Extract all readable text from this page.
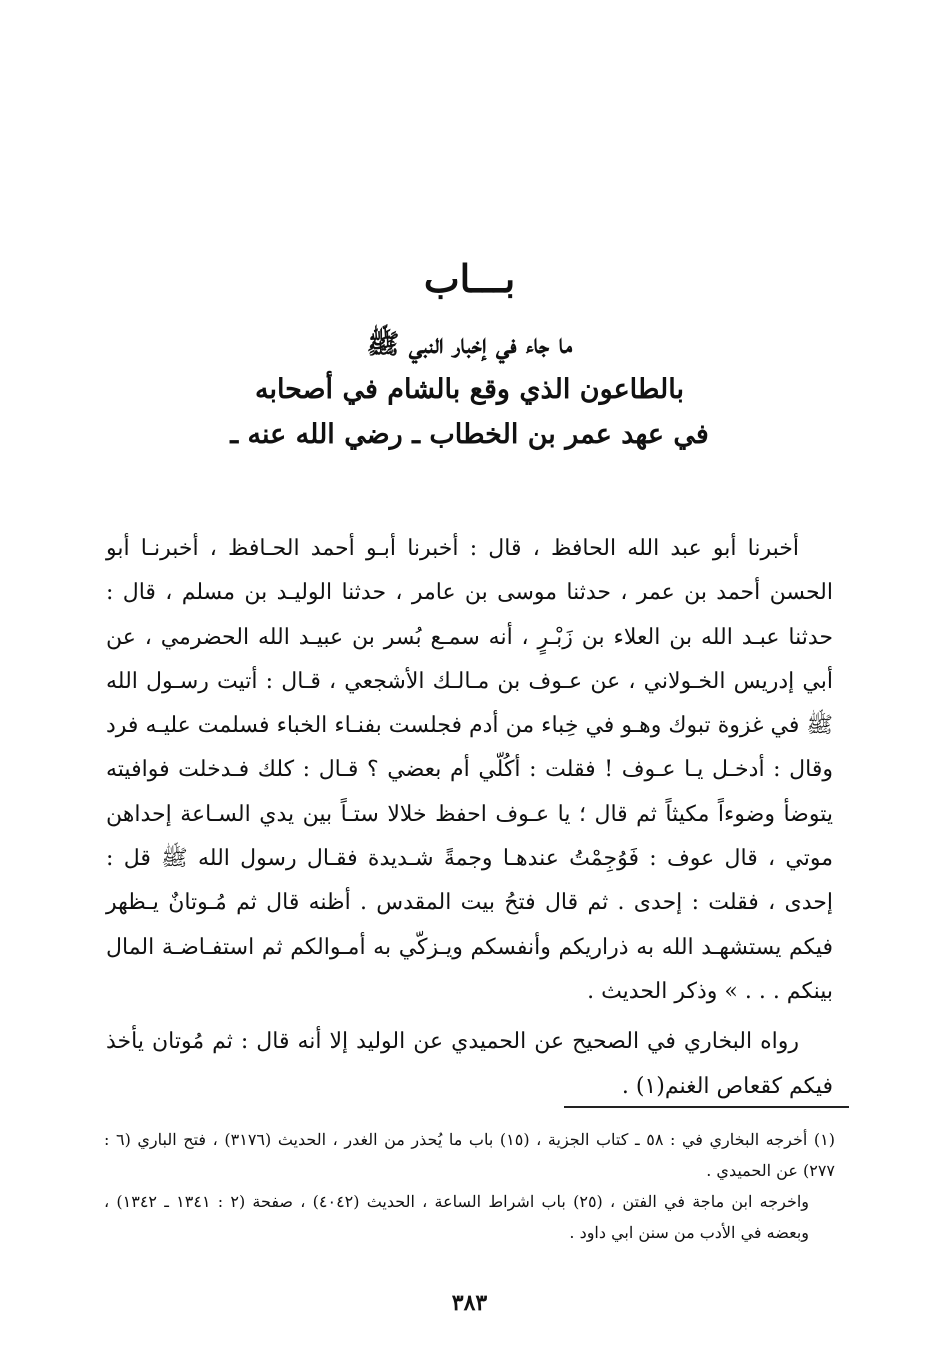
بـــاب
ما جاء في إخبار النبي ﷺ
بالطاعون الذي وقع بالشام في أصحابه
في عهد عمر بن الخطاب ـ رضي الله عنه ـ

أخبرنا أبو عبد الله الحافظ ، قال : أخبرنا أبـو أحمد الحـافظ ، أخبرنـا أبو الحسن أحمد بن عمر ، حدثنا موسى بن عامر ، حدثنا الوليـد بن مسلم ، قال : حدثنا عبـد الله بن العلاء بن زَبْـرٍ ، أنه سمـع بُسر بن عبيـد الله الحضرمي ، عن أبي إدريس الخـولاني ، عن عـوف بن مـالـك الأشجعي ، قـال : أتيت رسـول الله ﷺ في غزوة تبوك وهـو في خِباء من أدم فجلست بفنـاء الخباء فسلمت عليـه فرد وقال : أدخـل يـا عـوف ! فقلت : أكُلّي أم بعضي ؟ قـال : كلك فـدخلت فوافيته يتوضأ وضوءاً مكيثاً ثم قال ؛ يا عـوف احفظ خلالا ستـاً بين يدي السـاعة إحداهن موتي ، قال عوف : فَوُجِمْتُ عندهـا وجمةً شـديدة فقـال رسول الله ﷺ قل : إحدى ، فقلت : إحدى . ثم قال فتحُ بيت المقدس . أظنه قال ثم مُـوتانٌ يـظهر فيكم يستشهـد الله به ذراريكم وأنفسكم ويـزكّي به أمـوالكم ثم استفـاضـة المال بينكم . . . » وذكر الحديث .

رواه البخاري في الصحيح عن الحميدي عن الوليد إلا أنه قال : ثم مُوتان يأخذ فيكم كقعاص الغنم(١) .

(١) أخرجه البخاري في : ٥٨ ـ كتاب الجزية ، (١٥) باب ما يُحذر من الغدر ، الحديث (٣١٧٦) ، فتح الباري (٦ : ٢٧٧) عن الحميدي .

واخرجه ابن ماجة في الفتن ، (٢٥) باب اشراط الساعة ، الحديث (٤٠٤٢) ، صفحة (٢ : ١٣٤١ ـ ١٣٤٢) ، وبعضه في الأدب من سنن ابي داود .

٣٨٣
